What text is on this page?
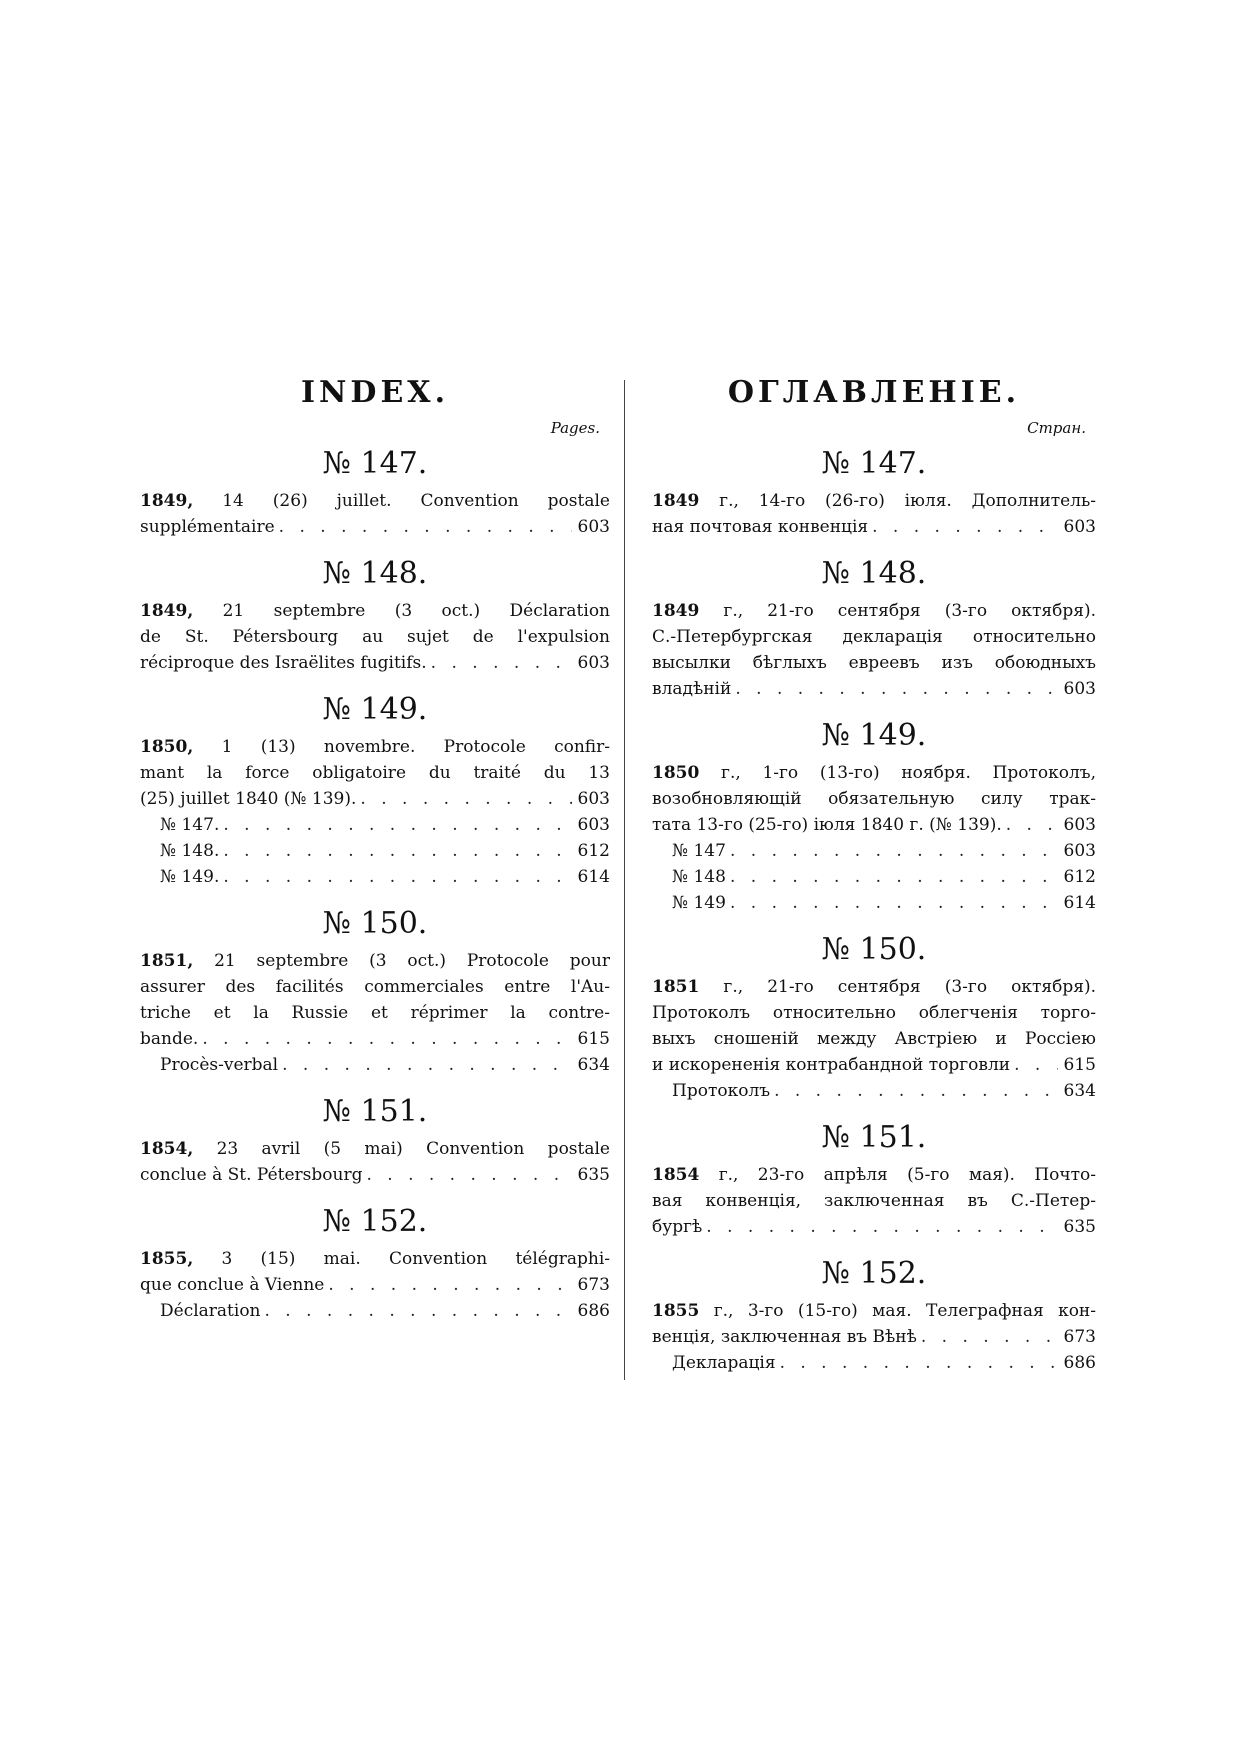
INDEX.
Pages.
№ 147.
1849, 14 (26) juillet. Convention postale
supplémentaire . . .	603
№ 148.
1849, 21 septembre (3 oct.) Déclaration
de St. Pétersbourg au sujet de l'expulsion
réciproque des Israëlites fugitifs. . . .	603
№ 149.
1850, 1 (13) novembre. Protocole confir-
mant la force obligatoire du traité du 13
(25) juillet 1840 (№ 139). . . .	603
№ 147. . . .	603
№ 148. . . .	612
№ 149. . . .	614
№ 150.
1851, 21 septembre (3 oct.) Protocole pour
assurer des facilités commerciales entre l'Au-
triche et la Russie et réprimer la contre-
bande. . . .	615
Procès-verbal . . .	634
№ 151.
1854, 23 avril (5 mai) Convention postale
conclue à St. Pétersbourg . . .	635
№ 152.
1855, 3 (15) mai. Convention télégraphi-
que conclue à Vienne . . .	673
Déclaration . . .	686
ОГЛАВЛЕНІЕ.
Стран.
№ 147.
1849 г., 14-го (26-го) іюля. Дополнитель-
ная почтовая конвенція . . .	603
№ 148.
1849 г., 21-го сентября (3-го октября).
С.-Петербургская декларація относительно
высылки бѣглыхъ евреевъ изъ обоюдныхъ
владѣній . . .	603
№ 149.
1850 г., 1-го (13-го) ноября. Протоколъ,
возобновляющій обязательную силу трак-
тата 13-го (25-го) іюля 1840 г. (№ 139). . . .	603
№ 147 . . .	603
№ 148 . . .	612
№ 149 . . .	614
№ 150.
1851 г., 21-го сентября (3-го октября).
Протоколъ относительно облегченія торго-
выхъ сношеній между Австріею и Россіею
и искорененія контрабандной торговли . . .	615
Протоколъ . . .	634
№ 151.
1854 г., 23-го апрѣля (5-го мая). Почто-
вая конвенція, заключенная въ С.-Петер-
бургѣ . . .	635
№ 152.
1855 г., 3-го (15-го) мая. Телеграфная кон-
венція, заключенная въ Вѣнѣ . . .	673
Декларація . . .	686
